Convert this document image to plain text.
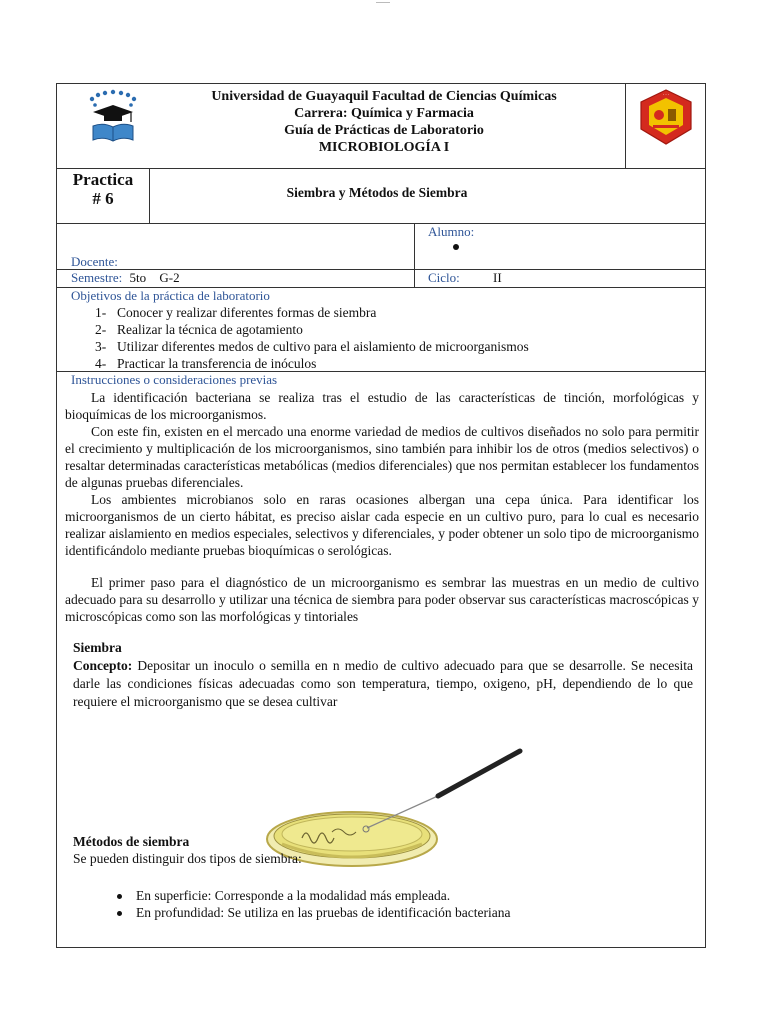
Universidad de Guayaquil Facultad de Ciencias Químicas
Carrera: Química y Farmacia
Guía de Prácticas de Laboratorio
MICROBIOLOGÍA I
· · ·
Practica
# 6	Siembra y Métodos de Siembra
Alumno:
Docente:
Semestre: 5to G-2	Ciclo:	II
Objetivos de la práctica de laboratorio
1- Conocer y realizar diferentes formas de siembra
2- Realizar la técnica de agotamiento
3- Utilizar diferentes medos de cultivo para el aislamiento de microorganismos
4- Practicar la transferencia de inóculos
Instrucciones o consideraciones previas
La identificación bacteriana se realiza tras el estudio de las características de tinción, morfológicas y bioquímicas de los microorganismos.
Con este fin, existen en el mercado una enorme variedad de medios de cultivos diseñados no solo para permitir el crecimiento y multiplicación de los microorganismos, sino también para inhibir los de otros (medios selectivos) o resaltar determinadas características metabólicas (medios diferenciales) que nos permitan establecer los fundamentos de algunas pruebas diferenciales.
Los ambientes microbianos solo en raras ocasiones albergan una cepa única. Para identificar los microorganismos de un cierto hábitat, es preciso aislar cada especie en un cultivo puro, para lo cual es necesario realizar aislamiento en medios especiales, selectivos y diferenciales, y poder obtener un solo tipo de microorganismo identificándolo mediante pruebas bioquímicas o serológicas.
El primer paso para el diagnóstico de un microorganismo es sembrar las muestras en un medio de cultivo adecuado para su desarrollo y utilizar una técnica de siembra para poder observar sus características macroscópicas y microscópicas como son las morfológicas y tintoriales
Siembra
Concepto: Depositar un inoculo o semilla en n medio de cultivo adecuado para que se desarrolle. Se necesita darle las condiciones físicas adecuadas como son temperatura, tiempo, oxigeno, pH, dependiendo de lo que requiere el microorganismo que se desea cultivar
Métodos de siembra
Se pueden distinguir dos tipos de siembra:
En superficie: Corresponde a la modalidad más empleada.
En profundidad: Se utiliza en las pruebas de identificación bacteriana
